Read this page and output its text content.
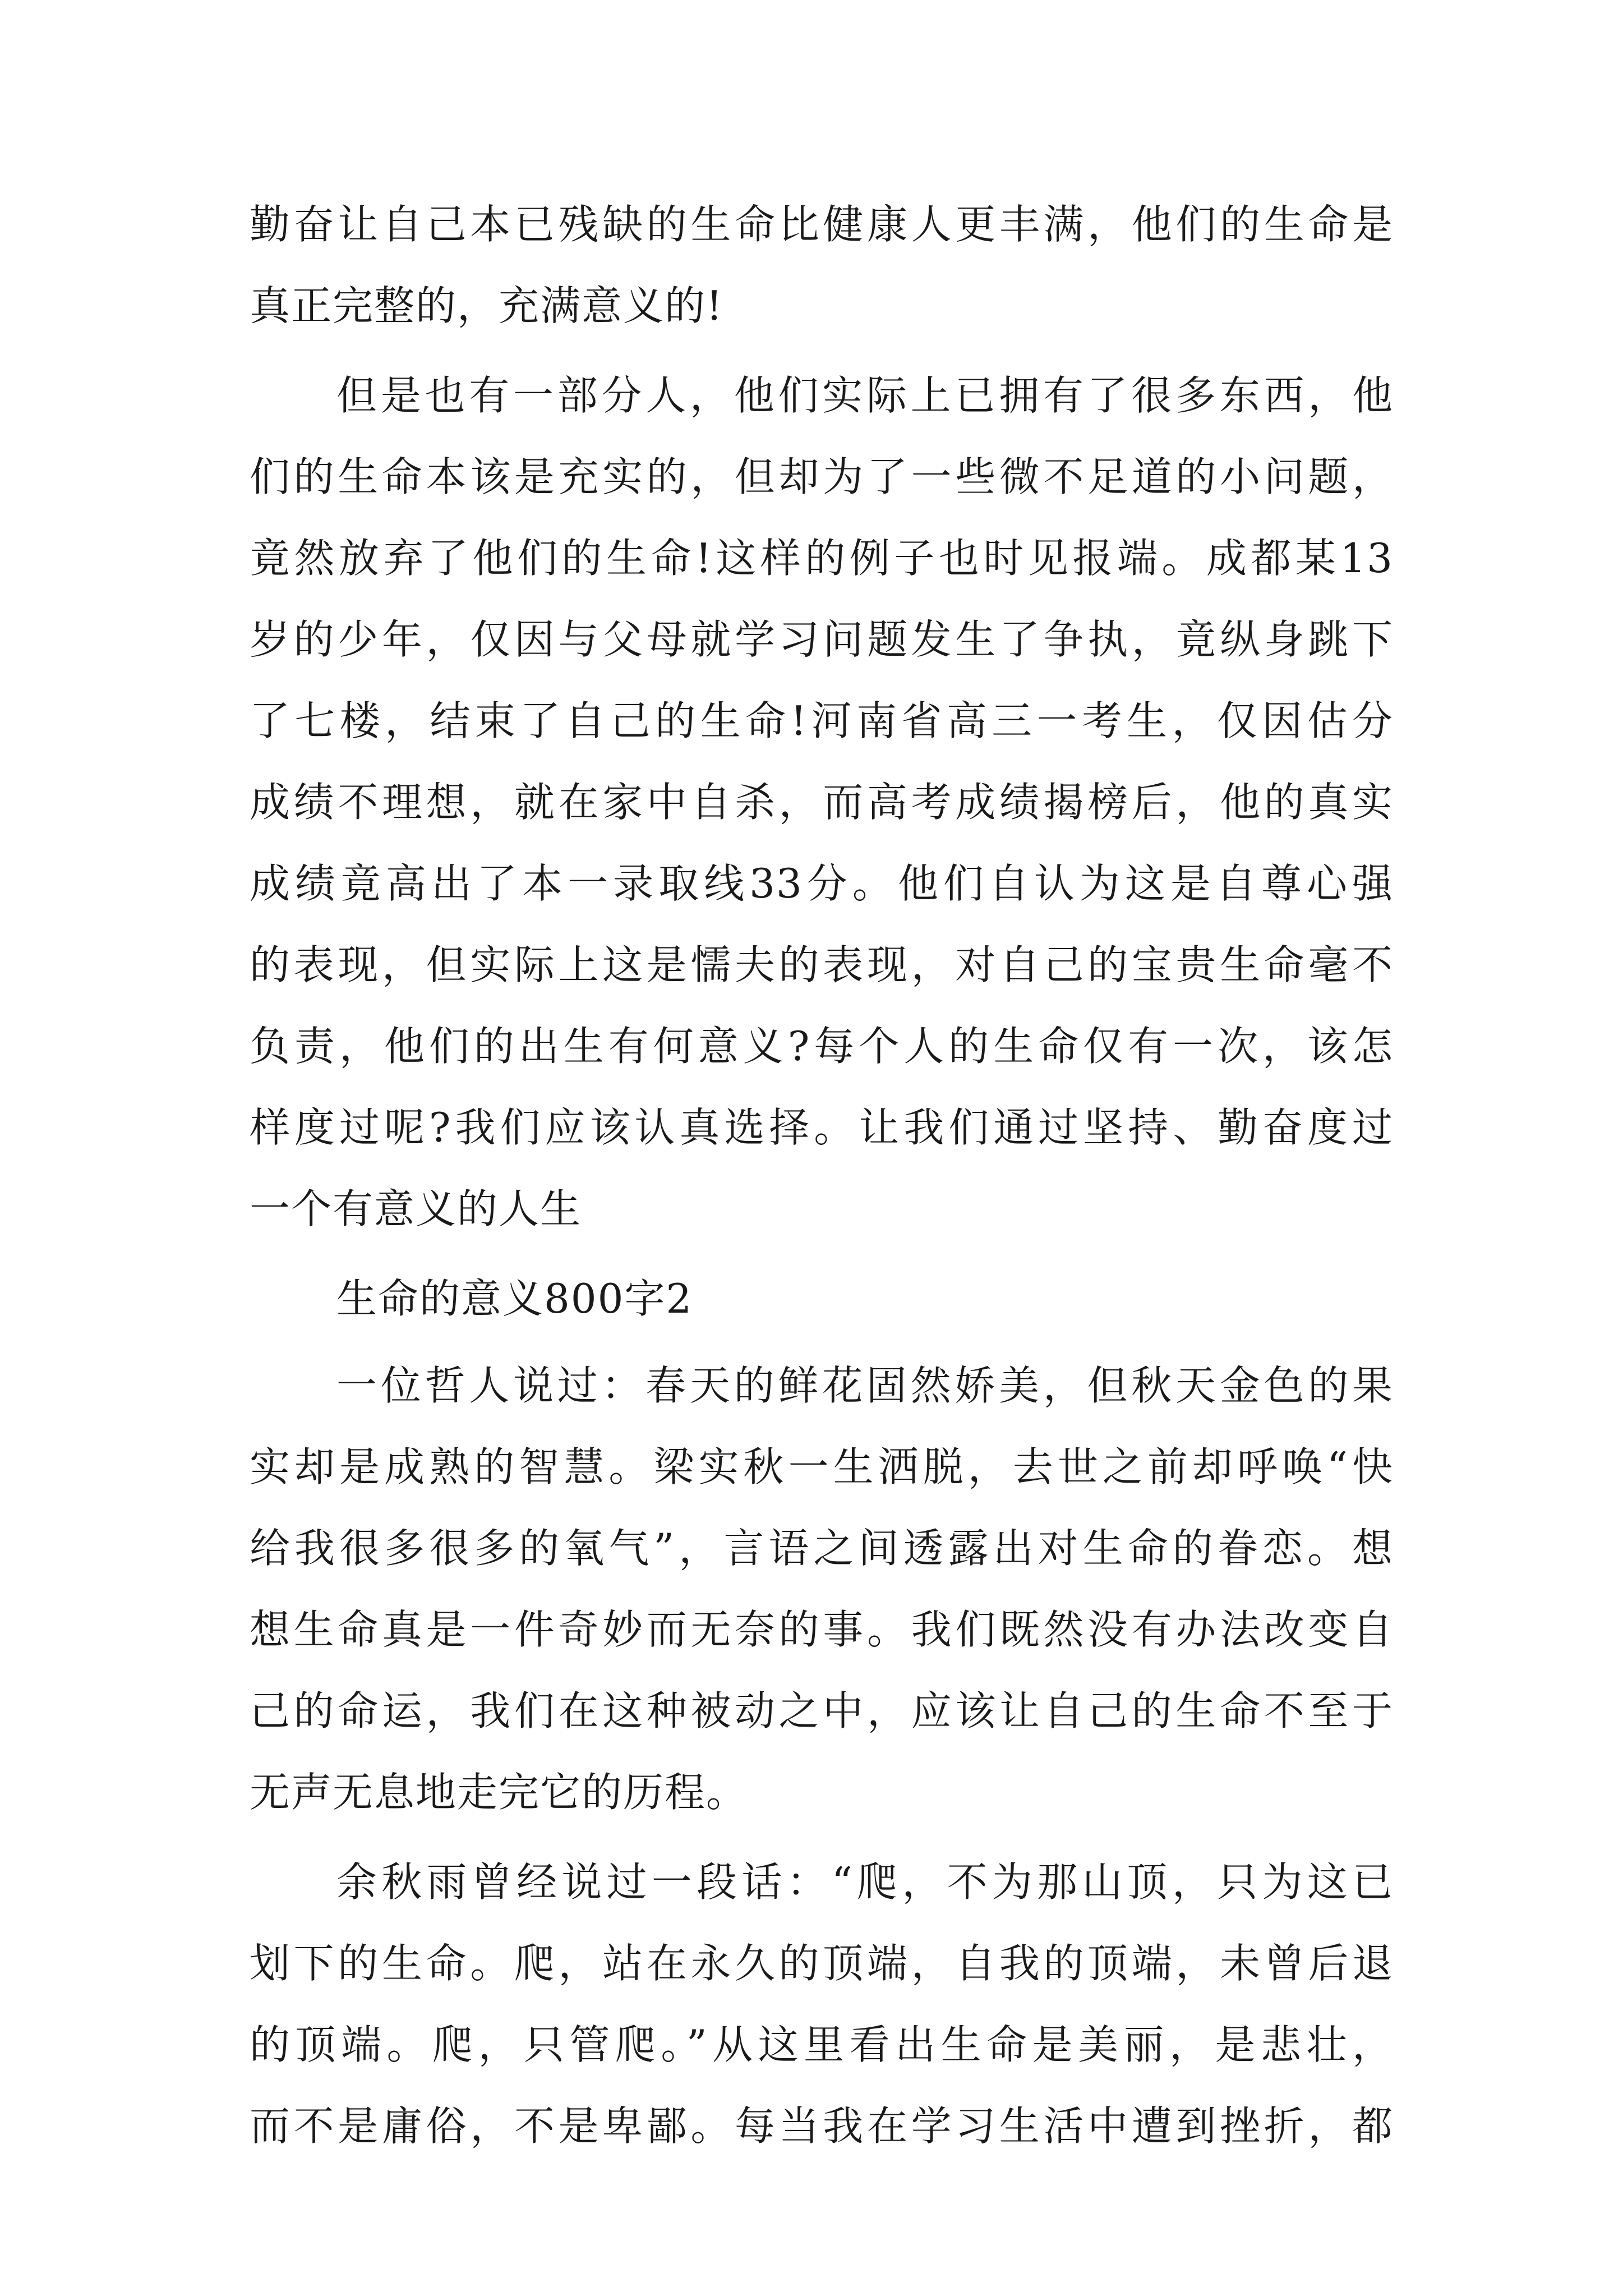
勤奋让自己本已残缺的生命比健康人更丰满，他们的生命是
真正完整的，充满意义的!
但是也有一部分人，他们实际上已拥有了很多东西，他
们的生命本该是充实的，但却为了一些微不足道的小问题，
竟然放弃了他们的生命!这样的例子也时见报端。成都某13
岁的少年，仅因与父母就学习问题发生了争执，竟纵身跳下
了七楼，结束了自己的生命!河南省高三一考生，仅因估分
成绩不理想，就在家中自杀，而高考成绩揭榜后，他的真实
成绩竟高出了本一录取线33分。他们自认为这是自尊心强
的表现，但实际上这是懦夫的表现，对自己的宝贵生命毫不
负责，他们的出生有何意义?每个人的生命仅有一次，该怎
样度过呢?我们应该认真选择。让我们通过坚持、勤奋度过
一个有意义的人生
生命的意义800字2
一位哲人说过：春天的鲜花固然娇美，但秋天金色的果
实却是成熟的智慧。梁实秋一生洒脱，去世之前却呼唤“快
给我很多很多的氧气”，言语之间透露出对生命的眷恋。想
想生命真是一件奇妙而无奈的事。我们既然没有办法改变自
己的命运，我们在这种被动之中，应该让自己的生命不至于
无声无息地走完它的历程。
余秋雨曾经说过一段话：“爬，不为那山顶，只为这已
划下的生命。爬，站在永久的顶端，自我的顶端，未曾后退
的顶端。爬，只管爬。”从这里看出生命是美丽，是悲壮，
而不是庸俗，不是卑鄙。每当我在学习生活中遭到挫折，都
